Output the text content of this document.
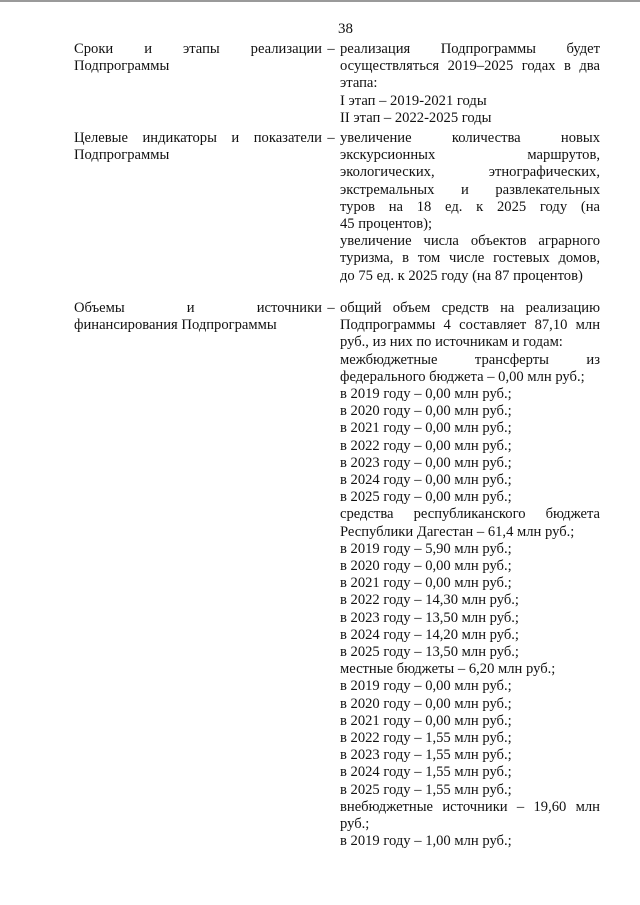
38
Сроки и этапы реализации
Подпрограммы
– реализация Подпрограммы будет
осуществляться 2019–2025 годах в два
этапа:
I этап – 2019-2021 годы
II этап – 2022-2025 годы
Целевые индикаторы и показатели
Подпрограммы
– увеличение количества новых
экскурсионных маршрутов,
экологических, этнографических,
экстремальных и развлекательных
туров на 18 ед. к 2025 году (на
45 процентов);
увеличение числа объектов аграрного
туризма, в том числе гостевых домов,
до 75 ед. к 2025 году (на 87 процентов)
Объемы и источники
финансирования Подпрограммы
– общий объем средств на реализацию
Подпрограммы 4 составляет 87,10 млн
руб., из них по источникам и годам:
межбюджетные трансферты из
федерального бюджета – 0,00 млн руб.;
в 2019 году – 0,00 млн руб.;
в 2020 году – 0,00 млн руб.;
в 2021 году – 0,00 млн руб.;
в 2022 году – 0,00 млн руб.;
в 2023 году – 0,00 млн руб.;
в 2024 году – 0,00 млн руб.;
в 2025 году – 0,00 млн руб.;
средства республиканского бюджета
Республики Дагестан – 61,4 млн руб.;
в 2019 году – 5,90 млн руб.;
в 2020 году – 0,00 млн руб.;
в 2021 году – 0,00 млн руб.;
в 2022 году – 14,30 млн руб.;
в 2023 году – 13,50 млн руб.;
в 2024 году – 14,20 млн руб.;
в 2025 году – 13,50 млн руб.;
местные бюджеты – 6,20 млн руб.;
в 2019 году – 0,00 млн руб.;
в 2020 году – 0,00 млн руб.;
в 2021 году – 0,00 млн руб.;
в 2022 году – 1,55 млн руб.;
в 2023 году – 1,55 млн руб.;
в 2024 году – 1,55 млн руб.;
в 2025 году – 1,55 млн руб.;
внебюджетные источники – 19,60 млн
руб.;
в 2019 году – 1,00 млн руб.;
